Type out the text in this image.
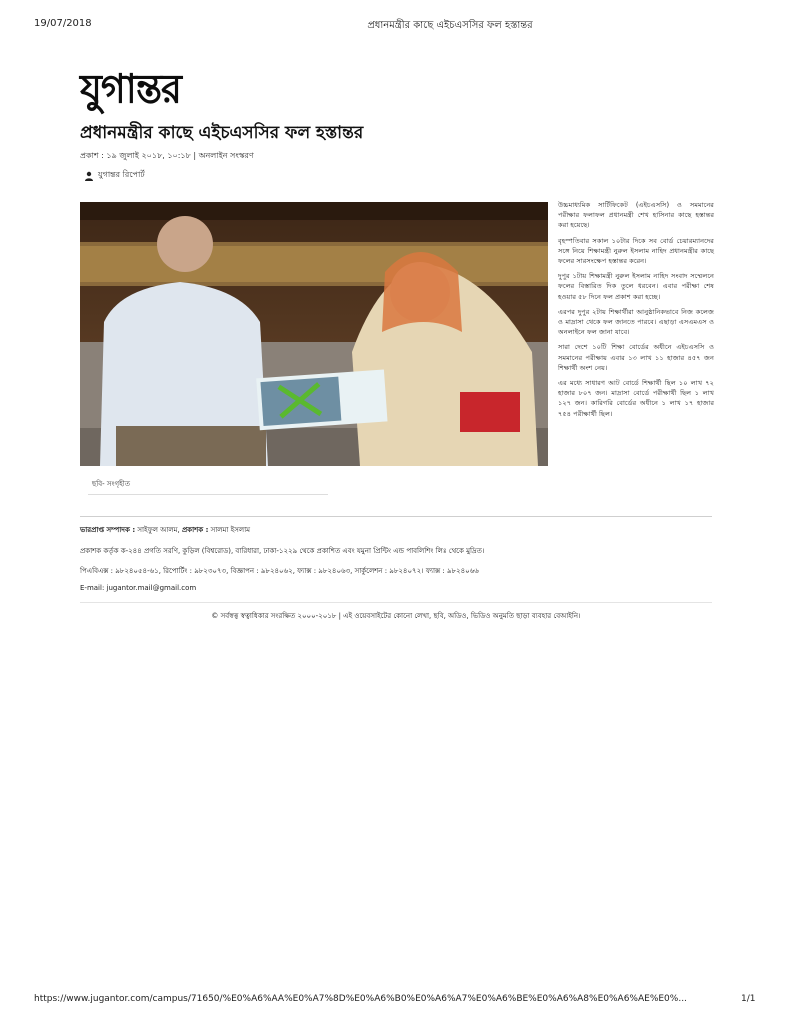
19/07/2018	প্রধানমন্ত্রীর কাছে এইচএসসির ফল হস্তান্তর
যুগান্তর
প্রধানমন্ত্রীর কাছে এইচএসসির ফল হস্তান্তর
প্রকাশ : ১৯ জুলাই ২০১৮, ১০:১৮ | অনলাইন সংস্করণ
যুগান্তর রিপোর্ট
ছবি- সংগৃহীত

উচ্চমাধ্যমিক সার্টিফিকেট (এইচএসসি) ও সমমানের পরীক্ষার ফলাফল প্রধানমন্ত্রী শেখ হাসিনার কাছে হস্তান্তর করা হয়েছে।

বৃহস্পতিবার সকাল ১০টার দিকে সব বোর্ড চেয়ারম্যানদের সঙ্গে নিয়ে শিক্ষামন্ত্রী নুরুল ইসলাম নাহিদ প্রধানমন্ত্রীর কাছে ফলের সারসংক্ষেপ হস্তান্তর করেন।

দুপুর ১টায় শিক্ষামন্ত্রী নুরুল ইসলাম নাহিদ সংবাদ সম্মেলনে ফলের বিস্তারিত দিক তুলে ধরবেন। এবার পরীক্ষা শেষ হওয়ার ৫৮ দিনে ফল প্রকাশ করা হচ্ছে।

এরপর দুপুর ২টায় শিক্ষার্থীরা আনুষ্ঠানিকভাবে নিজ কলেজ ও মাদ্রাসা থেকে ফল জানতে পারবে। এছাড়া এসএমএস ও অনলাইনে ফল জানা যাবে।

সারা দেশে ১০টি শিক্ষা বোর্ডের অধীনে এইচএসসি ও সমমানের পরীক্ষায় এবার ১৩ লাখ ১১ হাজার ৪৫৭ জন শিক্ষার্থী অংশ নেয়।

এর মধ্যে সাধারণ আট বোর্ডে শিক্ষার্থী ছিল ১০ লাখ ৭২ হাজার ৮০৭ জন। মাদ্রাসা বোর্ডে পরীক্ষার্থী ছিল ১ লাখ ১২৭ জন। কারিগরি বোর্ডের অধীনে ১ লাখ ১৭ হাজার ৭৫৪ পরীক্ষার্থী ছিল।

ভারপ্রাপ্ত সম্পাদক : সাইফুল আলম, প্রকাশক : সালমা ইসলাম
প্রকাশক কর্তৃক ক-২৪৪ প্রগতি সরণি, কুড়িল (বিশ্বরোড), বারিধারা, ঢাকা-১২২৯ থেকে প্রকাশিত এবং যমুনা প্রিন্টিং এন্ড পাবলিশিং লিঃ থেকে মুদ্রিত।
পিএবিএক্স : ৯৮২৪০৫৪-৬১, রিপোর্টিং : ৯৮২৩০৭৩, বিজ্ঞাপন : ৯৮২৪০৬২, ফ্যাক্স : ৯৮২৪০৬৩, সার্কুলেশন : ৯৮২৪০৭২। ফ্যাক্স : ৯৮২৪০৬৬
E-mail: jugantor.mail@gmail.com
© সর্বস্বত্ব স্বত্বাধিকার সংরক্ষিত ২০০০-২০১৮ | এই ওয়েবসাইটের কোনো লেখা, ছবি, অডিও, ভিডিও অনুমতি ছাড়া ব্যবহার বেআইনি।
https://www.jugantor.com/campus/71650/%E0%A6%AA%E0%A7%8D%E0%A6%B0%E0%A6%A7%E0%A6%BE%E0%A6%A8%E0%A6%AE%E0%...	1/1
